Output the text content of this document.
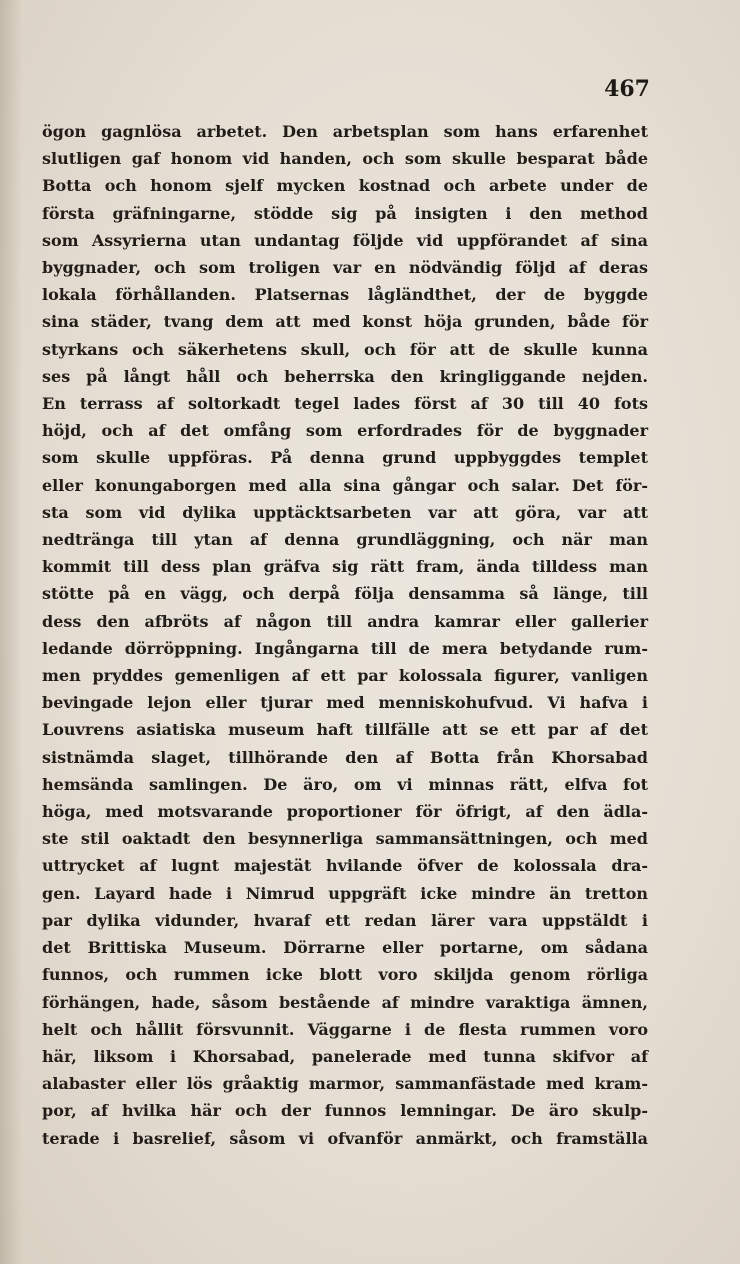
467

ögon gagnlösa arbetet. Den arbetsplan som hans erfarenhet
slutligen gaf honom vid handen, och som skulle besparat både
Botta och honom sjelf mycken kostnad och arbete under de
första gräfningarne, stödde sig på insigten i den method
som Assyrierna utan undantag följde vid uppförandet af sina
byggnader, och som troligen var en nödvändig följd af deras
lokala förhållanden. Platsernas lågländthet, der de byggde
sina städer, tvang dem att med konst höja grunden, både för
styrkans och säkerhetens skull, och för att de skulle kunna
ses på långt håll och beherrska den kringliggande nejden.
En terrass af soltorkadt tegel lades först af 30 till 40 fots
höjd, och af det omfång som erfordrades för de byggnader
som skulle uppföras. På denna grund uppbyggdes templet
eller konungaborgen med alla sina gångar och salar. Det för-
sta som vid dylika upptäcktsarbeten var att göra, var att
nedtränga till ytan af denna grundläggning, och när man
kommit till dess plan gräfva sig rätt fram, ända tilldess man
stötte på en vägg, och derpå följa densamma så länge, till
dess den afbröts af någon till andra kamrar eller gallerier
ledande dörröppning. Ingångarna till de mera betydande rum-
men pryddes gemenligen af ett par kolossala figurer, vanligen
bevingade lejon eller tjurar med menniskohufvud. Vi hafva i
Louvrens asiatiska museum haft tillfälle att se ett par af det
sistnämda slaget, tillhörande den af Botta från Khorsabad
hemsända samlingen. De äro, om vi minnas rätt, elfva fot
höga, med motsvarande proportioner för öfrigt, af den ädla-
ste stil oaktadt den besynnerliga sammansättningen, och med
uttrycket af lugnt majestät hvilande öfver de kolossala dra-
gen. Layard hade i Nimrud uppgräft icke mindre än tretton
par dylika vidunder, hvaraf ett redan lärer vara uppstäldt i
det Brittiska Museum. Dörrarne eller portarne, om sådana
funnos, och rummen icke blott voro skiljda genom rörliga
förhängen, hade, såsom bestående af mindre varaktiga ämnen,
helt och hållit försvunnit. Väggarne i de flesta rummen voro
här, liksom i Khorsabad, panelerade med tunna skifvor af
alabaster eller lös gråaktig marmor, sammanfästade med kram-
por, af hvilka här och der funnos lemningar. De äro skulp-
terade i basrelief, såsom vi ofvanför anmärkt, och framställa
